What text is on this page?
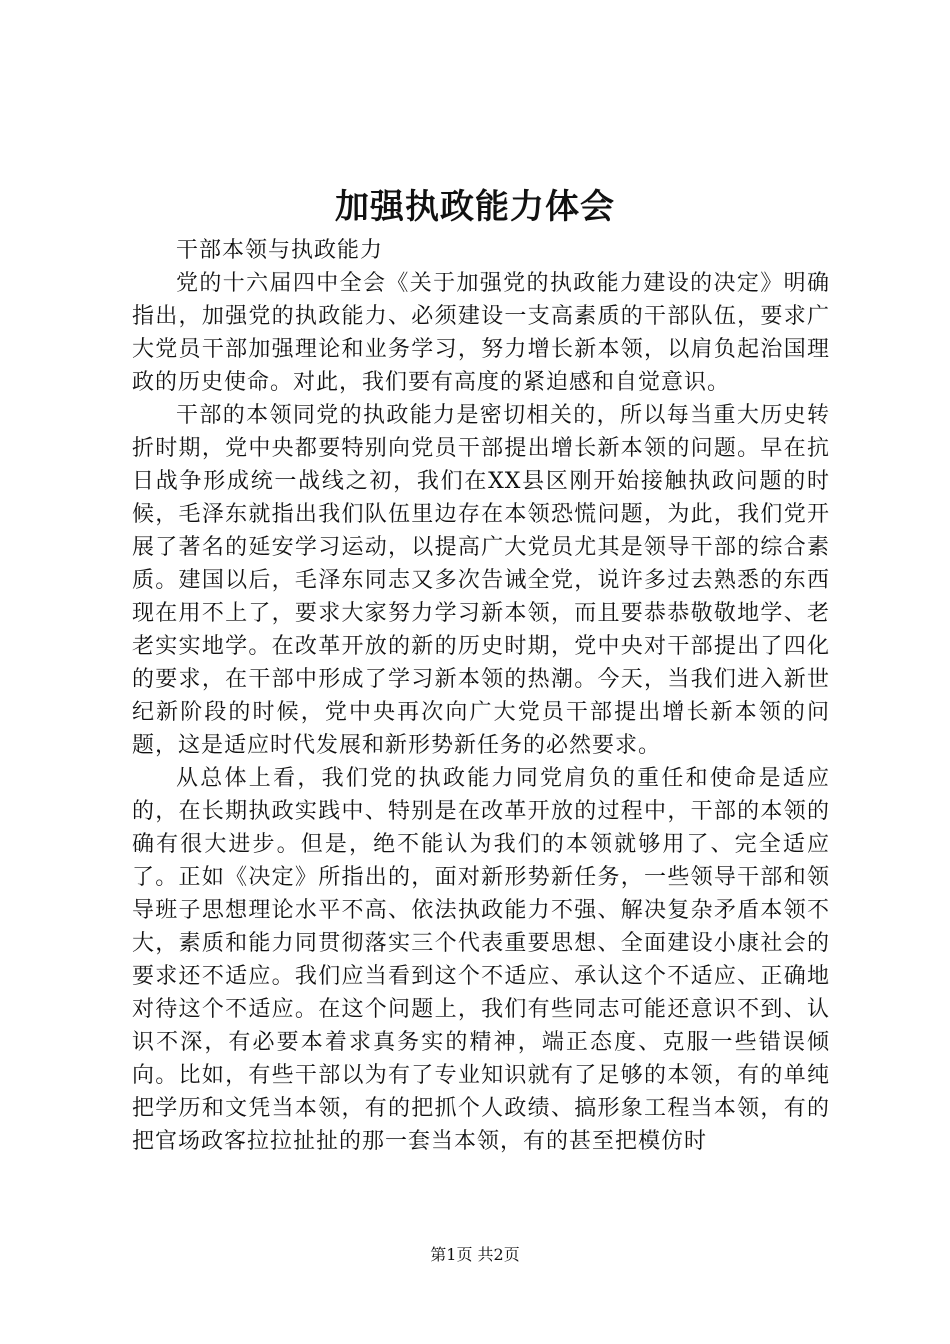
加强执政能力体会
干部本领与执政能力

党的十六届四中全会《关于加强党的执政能力建设的决定》明确指出，加强党的执政能力、必须建设一支高素质的干部队伍，要求广大党员干部加强理论和业务学习，努力增长新本领，以肩负起治国理政的历史使命。对此，我们要有高度的紧迫感和自觉意识。

干部的本领同党的执政能力是密切相关的，所以每当重大历史转折时期，党中央都要特别向党员干部提出增长新本领的问题。早在抗日战争形成统一战线之初，我们在XX县区刚开始接触执政问题的时候，毛泽东就指出我们队伍里边存在本领恐慌问题，为此，我们党开展了著名的延安学习运动，以提高广大党员尤其是领导干部的综合素质。建国以后，毛泽东同志又多次告诫全党，说许多过去熟悉的东西现在用不上了，要求大家努力学习新本领，而且要恭恭敬敬地学、老老实实地学。在改革开放的新的历史时期，党中央对干部提出了四化的要求，在干部中形成了学习新本领的热潮。今天，当我们进入新世纪新阶段的时候，党中央再次向广大党员干部提出增长新本领的问题，这是适应时代发展和新形势新任务的必然要求。

从总体上看，我们党的执政能力同党肩负的重任和使命是适应的，在长期执政实践中、特别是在改革开放的过程中，干部的本领的确有很大进步。但是，绝不能认为我们的本领就够用了、完全适应了。正如《决定》所指出的，面对新形势新任务，一些领导干部和领导班子思想理论水平不高、依法执政能力不强、解决复杂矛盾本领不大，素质和能力同贯彻落实三个代表重要思想、全面建设小康社会的要求还不适应。我们应当看到这个不适应、承认这个不适应、正确地对待这个不适应。在这个问题上，我们有些同志可能还意识不到、认识不深，有必要本着求真务实的精神，端正态度、克服一些错误倾向。比如，有些干部以为有了专业知识就有了足够的本领，有的单纯把学历和文凭当本领，有的把抓个人政绩、搞形象工程当本领，有的把官场政客拉拉扯扯的那一套当本领，有的甚至把模仿时

第1页 共2页
